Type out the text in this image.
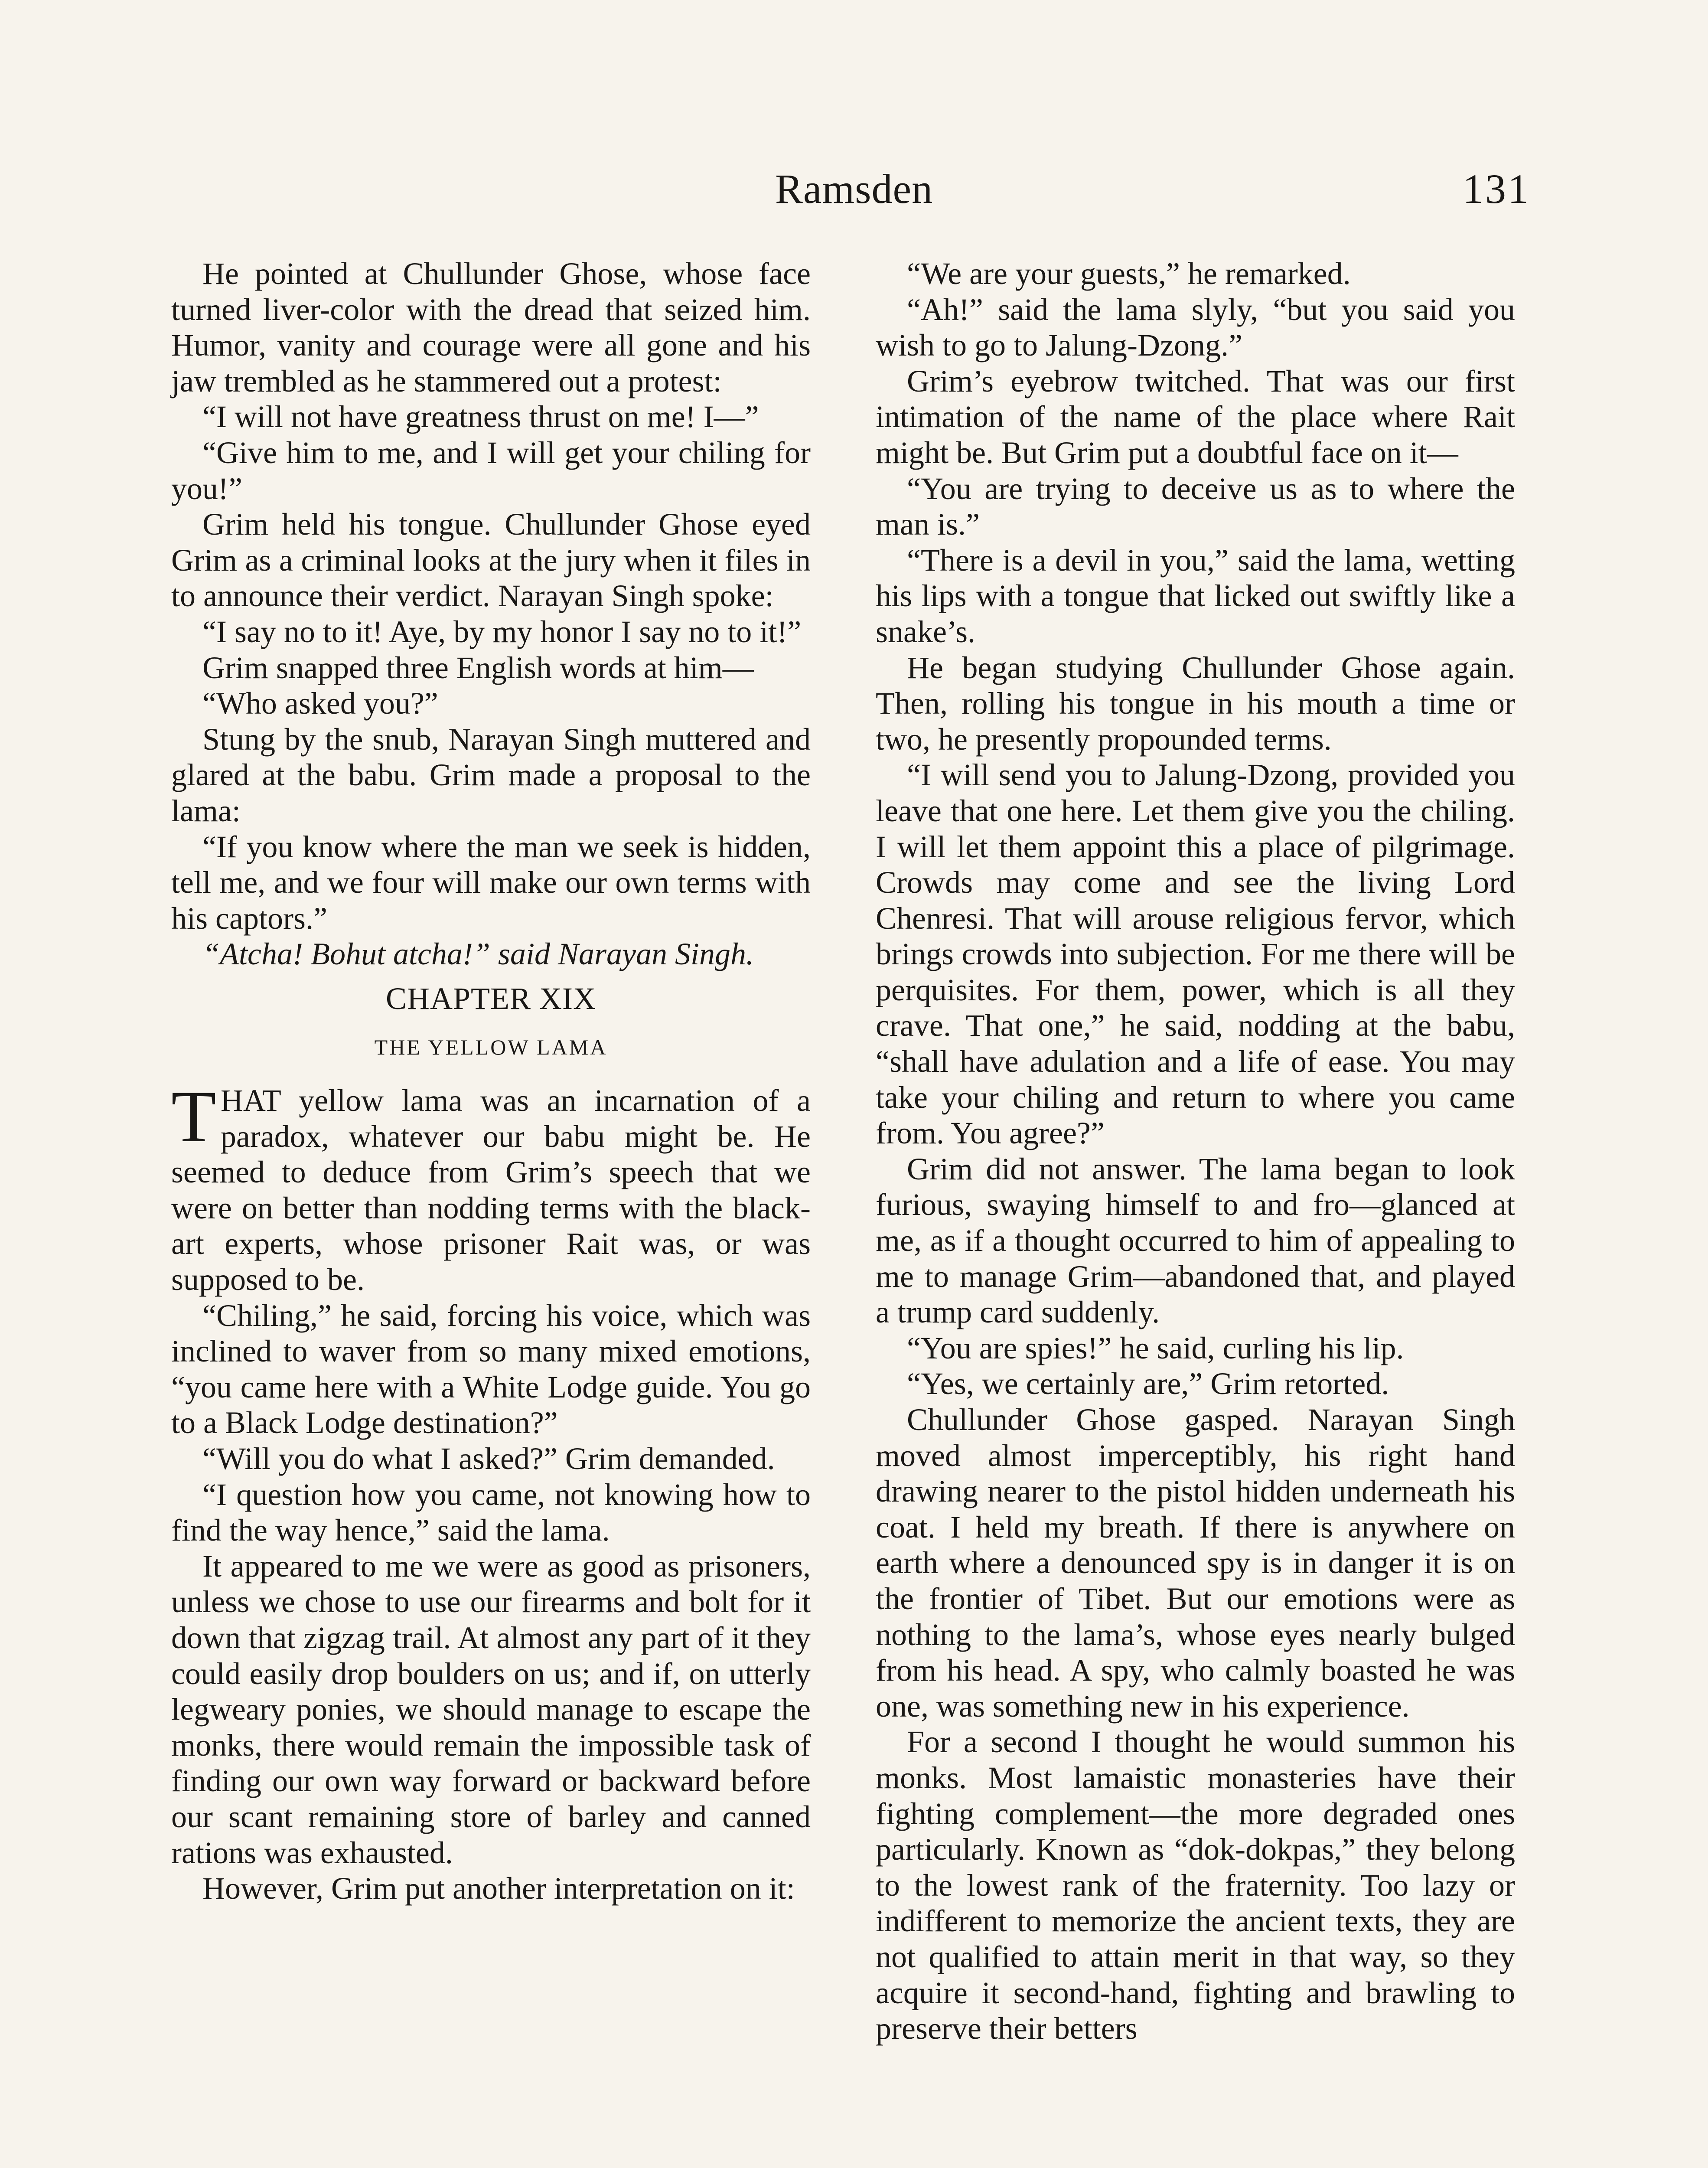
Ramsden	131

He pointed at Chullunder Ghose, whose face turned liver-color with the dread that seized him. Humor, vanity and courage were all gone and his jaw trembled as he stammered out a protest:

“I will not have greatness thrust on me! I—”

“Give him to me, and I will get your chiling for you!”

Grim held his tongue. Chullunder Ghose eyed Grim as a criminal looks at the jury when it files in to announce their verdict. Narayan Singh spoke:

“I say no to it! Aye, by my honor I say no to it!”

Grim snapped three English words at him—

“Who asked you?”

Stung by the snub, Narayan Singh muttered and glared at the babu. Grim made a proposal to the lama:

“If you know where the man we seek is hidden, tell me, and we four will make our own terms with his captors.”

“Atcha! Bohut atcha!” said Narayan Singh.

CHAPTER XIX
THE YELLOW LAMA

THAT yellow lama was an incarnation of a paradox, whatever our babu might be. He seemed to deduce from Grim’s speech that we were on better than nodding terms with the black-art experts, whose prisoner Rait was, or was supposed to be.

“Chiling,” he said, forcing his voice, which was inclined to waver from so many mixed emotions, “you came here with a White Lodge guide. You go to a Black Lodge destination?”

“Will you do what I asked?” Grim demanded.

“I question how you came, not knowing how to find the way hence,” said the lama.

It appeared to me we were as good as prisoners, unless we chose to use our firearms and bolt for it down that zigzag trail. At almost any part of it they could easily drop boulders on us; and if, on utterly legweary ponies, we should manage to escape the monks, there would remain the impossible task of finding our own way forward or backward before our scant remaining store of barley and canned rations was exhausted.

However, Grim put another interpretation on it:

“We are your guests,” he remarked.

“Ah!” said the lama slyly, “but you said you wish to go to Jalung-Dzong.”

Grim’s eyebrow twitched. That was our first intimation of the name of the place where Rait might be. But Grim put a doubtful face on it—

“You are trying to deceive us as to where the man is.”

“There is a devil in you,” said the lama, wetting his lips with a tongue that licked out swiftly like a snake’s.

He began studying Chullunder Ghose again. Then, rolling his tongue in his mouth a time or two, he presently propounded terms.

“I will send you to Jalung-Dzong, provided you leave that one here. Let them give you the chiling. I will let them appoint this a place of pilgrimage. Crowds may come and see the living Lord Chenresi. That will arouse religious fervor, which brings crowds into subjection. For me there will be perquisites. For them, power, which is all they crave. That one,” he said, nodding at the babu, “shall have adulation and a life of ease. You may take your chiling and return to where you came from. You agree?”

Grim did not answer. The lama began to look furious, swaying himself to and fro—glanced at me, as if a thought occurred to him of appealing to me to manage Grim—abandoned that, and played a trump card suddenly.

“You are spies!” he said, curling his lip.

“Yes, we certainly are,” Grim retorted.

Chullunder Ghose gasped. Narayan Singh moved almost imperceptibly, his right hand drawing nearer to the pistol hidden underneath his coat. I held my breath. If there is anywhere on earth where a denounced spy is in danger it is on the frontier of Tibet. But our emotions were as nothing to the lama’s, whose eyes nearly bulged from his head. A spy, who calmly boasted he was one, was something new in his experience.

For a second I thought he would summon his monks. Most lamaistic monasteries have their fighting complement—the more degraded ones particularly. Known as “dok-dokpas,” they belong to the lowest rank of the fraternity. Too lazy or indifferent to memorize the ancient texts, they are not qualified to attain merit in that way, so they acquire it second-hand, fighting and brawling to preserve their betters
